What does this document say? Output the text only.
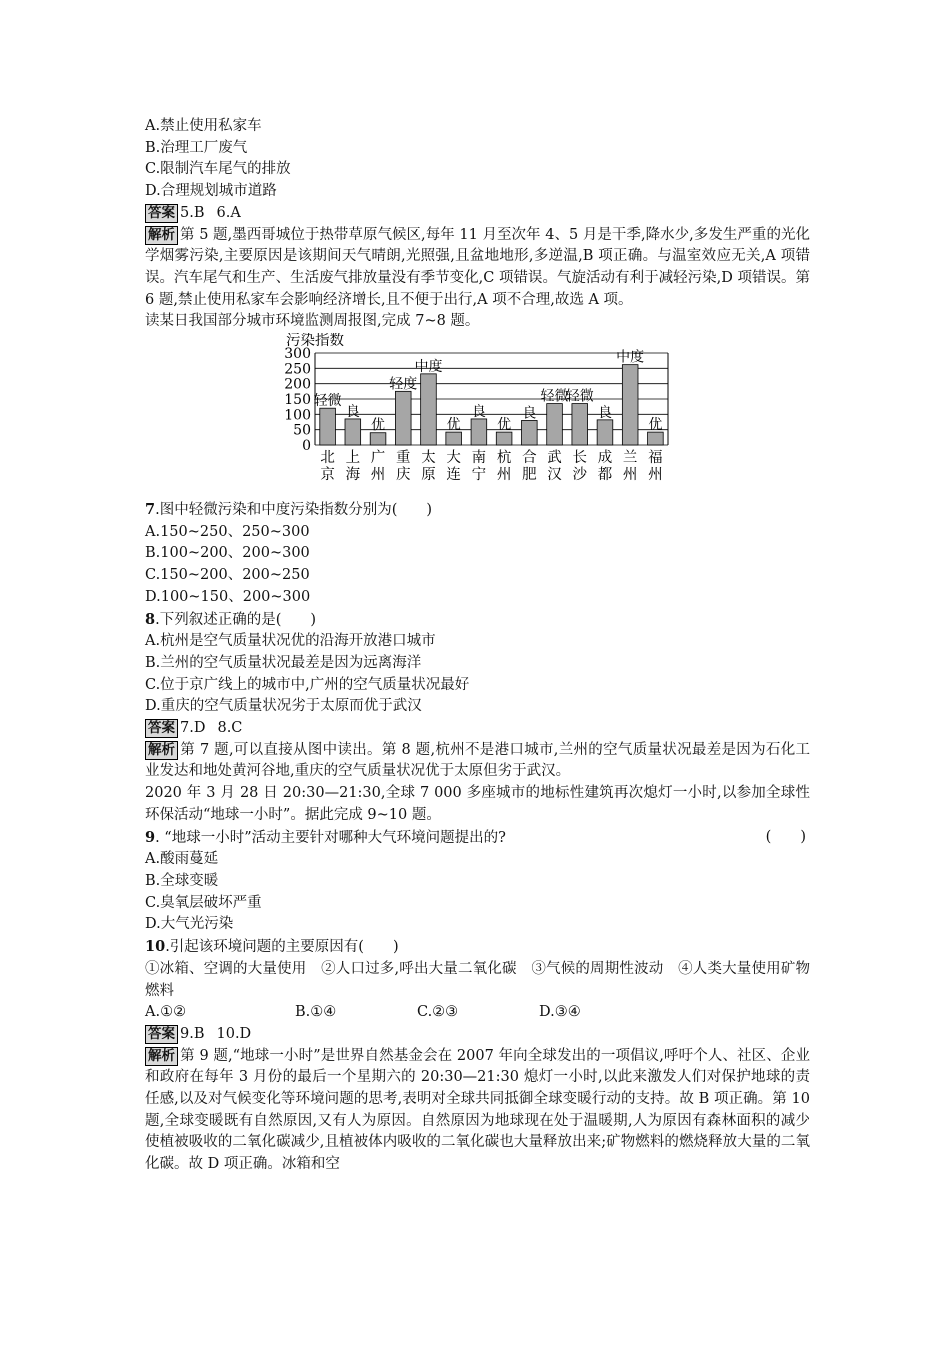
A.禁止使用私家车
B.治理工厂废气
C.限制汽车尾气的排放
D.合理规划城市道路
答案 5.B 6.A
解析 第 5 题,墨西哥城位于热带草原气候区,每年 11 月至次年 4、5 月是干季,降水少,多发生严重的光化学烟雾污染,主要原因是该期间天气晴朗,光照强,且盆地地形,多逆温,B 项正确。与温室效应无关,A 项错误。汽车尾气和生产、生活废气排放量没有季节变化,C 项错误。气旋活动有利于减轻污染,D 项错误。第 6 题,禁止使用私家车会影响经济增长,且不便于出行,A 项不合理,故选 A 项。
读某日我国部分城市环境监测周报图,完成 7~8 题。
0
50
100
150
200
250
300
污染指数
轻微
北
京
良
上
海
优
广
州
轻度
重
庆
中度
太
原
优
大
连
良
南
宁
优
杭
州
良
合
肥
轻微
武
汉
轻微
长
沙
良
成
都
中度
兰
州
优
福
州
7.图中轻微污染和中度污染指数分别为(　　)
A.150~250、250~300
B.100~200、200~300
C.150~200、200~250
D.100~150、200~300
8.下列叙述正确的是(　　)
A.杭州是空气质量状况优的沿海开放港口城市
B.兰州的空气质量状况最差是因为远离海洋
C.位于京广线上的城市中,广州的空气质量状况最好
D.重庆的空气质量状况劣于太原而优于武汉
答案 7.D 8.C
解析 第 7 题,可以直接从图中读出。第 8 题,杭州不是港口城市,兰州的空气质量状况最差是因为石化工业发达和地处黄河谷地,重庆的空气质量状况优于太原但劣于武汉。
2020 年 3 月 28 日 20:30—21:30,全球 7 000 多座城市的地标性建筑再次熄灯一小时,以参加全球性环保活动“地球一小时”。据此完成 9~10 题。
9. “地球一小时”活动主要针对哪种大气环境问题提出的?	(　　)
A.酸雨蔓延
B.全球变暖
C.臭氧层破坏严重
D.大气光污染
10.引起该环境问题的主要原因有(　　)
①冰箱、空调的大量使用　②人口过多,呼出大量二氧化碳　③气候的周期性波动　④人类大量使用矿物燃料
A.①②	B.①④	C.②③	D.③④
答案 9.B 10.D
解析 第 9 题,“地球一小时”是世界自然基金会在 2007 年向全球发出的一项倡议,呼吁个人、社区、企业和政府在每年 3 月份的最后一个星期六的 20:30—21:30 熄灯一小时,以此来激发人们对保护地球的责任感,以及对气候变化等环境问题的思考,表明对全球共同抵御全球变暖行动的支持。故 B 项正确。第 10 题,全球变暖既有自然原因,又有人为原因。自然原因为地球现在处于温暖期,人为原因有森林面积的减少使植被吸收的二氧化碳减少,且植被体内吸收的二氧化碳也大量释放出来;矿物燃料的燃烧释放大量的二氧化碳。故 D 项正确。冰箱和空
